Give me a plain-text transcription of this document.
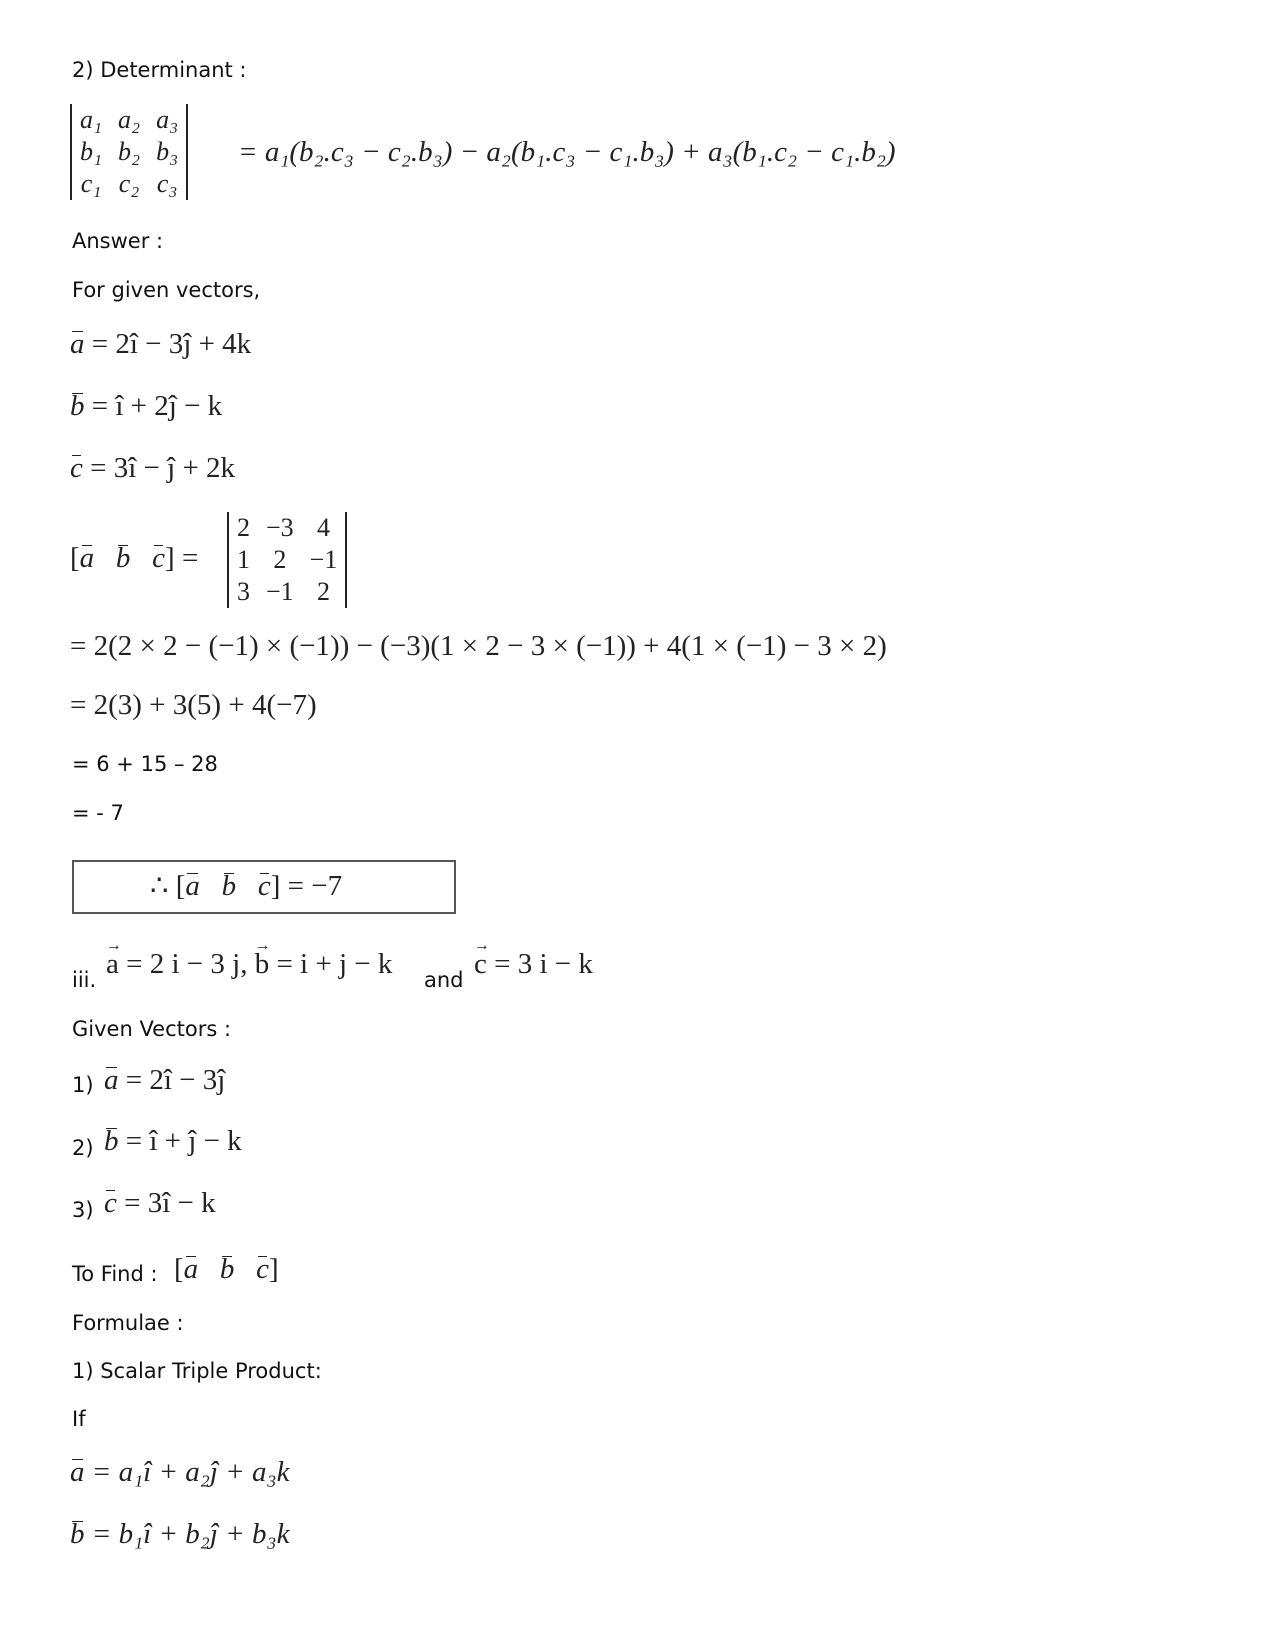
2) Determinant :
a₁	a₂	a₃
b₁	b₂	b₃
c₁	c₂	c₃
= a₁(b₂.c₃ − c₂.b₃) − a₂(b₁.c₃ − c₁.b₃) + a₃(b₁.c₂ − c₁.b₂)
Answer :
For given vectors,
a = 2î − 3ĵ + 4k
b = î + 2ĵ − k
c = 3î − ĵ + 2k
[a b c] =
2	−3	4
1	2	−1
3	−1	2
= 2(2 × 2 − (−1) × (−1)) − (−3)(1 × 2 − 3 × (−1)) + 4(1 × (−1) − 3 × 2)
= 2(3) + 3(5) + 4(−7)
= 6 + 15 – 28
= - 7
∴ [a b c] = −7
iii. → a = 2 i − 3 j, → b = i + j − k and → c = 3 i − k
Given Vectors :
1) a = 2î − 3ĵ
2) b = î + ĵ − k
3) c = 3î − k
To Find : [a b c]
Formulae :
1) Scalar Triple Product:
If
a = a₁î + a₂ĵ + a₃k
b = b₁î + b₂ĵ + b₃k
